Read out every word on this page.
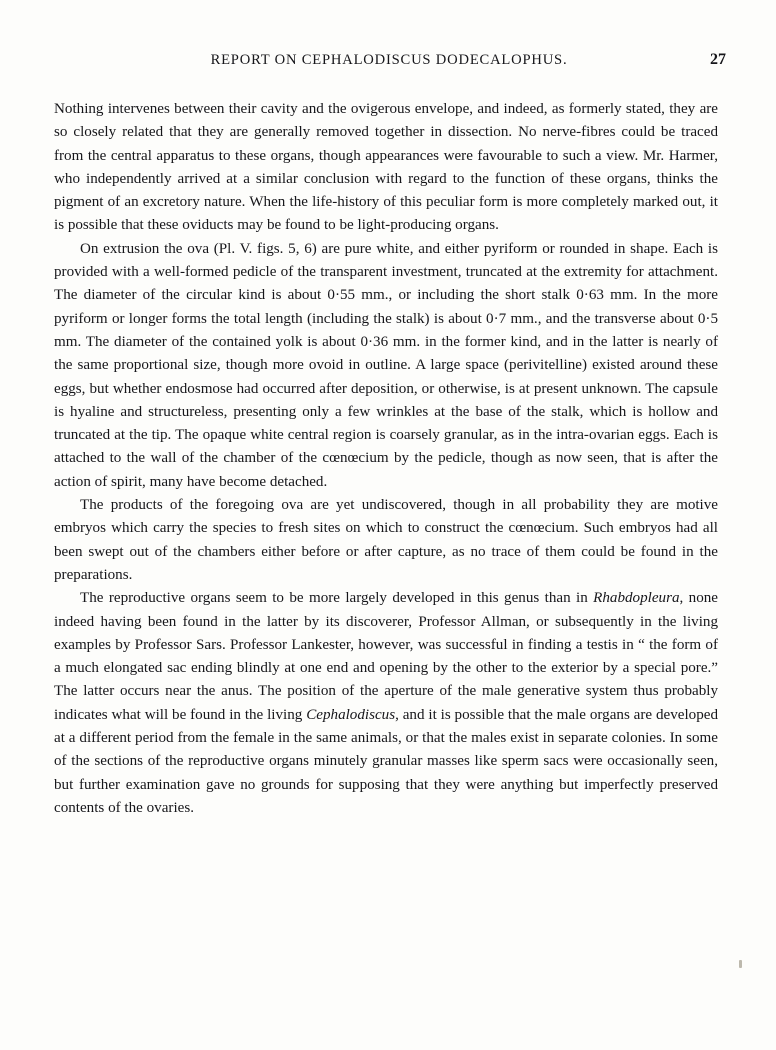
REPORT ON CEPHALODISCUS DODECALOPHUS.	27

Nothing intervenes between their cavity and the ovigerous envelope, and indeed, as formerly stated, they are so closely related that they are generally removed together in dissection. No nerve-fibres could be traced from the central apparatus to these organs, though appearances were favourable to such a view. Mr. Harmer, who independently arrived at a similar conclusion with regard to the function of these organs, thinks the pigment of an excretory nature. When the life-history of this peculiar form is more completely marked out, it is possible that these oviducts may be found to be light-producing organs.

On extrusion the ova (Pl. V. figs. 5, 6) are pure white, and either pyriform or rounded in shape. Each is provided with a well-formed pedicle of the transparent investment, truncated at the extremity for attachment. The diameter of the circular kind is about 0·55 mm., or including the short stalk 0·63 mm. In the more pyriform or longer forms the total length (including the stalk) is about 0·7 mm., and the transverse about 0·5 mm. The diameter of the contained yolk is about 0·36 mm. in the former kind, and in the latter is nearly of the same proportional size, though more ovoid in outline. A large space (perivitelline) existed around these eggs, but whether endosmose had occurred after deposition, or otherwise, is at present unknown. The capsule is hyaline and structureless, presenting only a few wrinkles at the base of the stalk, which is hollow and truncated at the tip. The opaque white central region is coarsely granular, as in the intra-ovarian eggs. Each is attached to the wall of the chamber of the cœnœcium by the pedicle, though as now seen, that is after the action of spirit, many have become detached.

The products of the foregoing ova are yet undiscovered, though in all probability they are motive embryos which carry the species to fresh sites on which to construct the cœnœcium. Such embryos had all been swept out of the chambers either before or after capture, as no trace of them could be found in the preparations.

The reproductive organs seem to be more largely developed in this genus than in Rhabdopleura, none indeed having been found in the latter by its discoverer, Professor Allman, or subsequently in the living examples by Professor Sars. Professor Lankester, however, was successful in finding a testis in “ the form of a much elongated sac ending blindly at one end and opening by the other to the exterior by a special pore.” The latter occurs near the anus. The position of the aperture of the male generative system thus probably indicates what will be found in the living Cephalodiscus, and it is possible that the male organs are developed at a different period from the female in the same animals, or that the males exist in separate colonies. In some of the sections of the reproductive organs minutely granular masses like sperm sacs were occasionally seen, but further examination gave no grounds for supposing that they were anything but imperfectly preserved contents of the ovaries.
